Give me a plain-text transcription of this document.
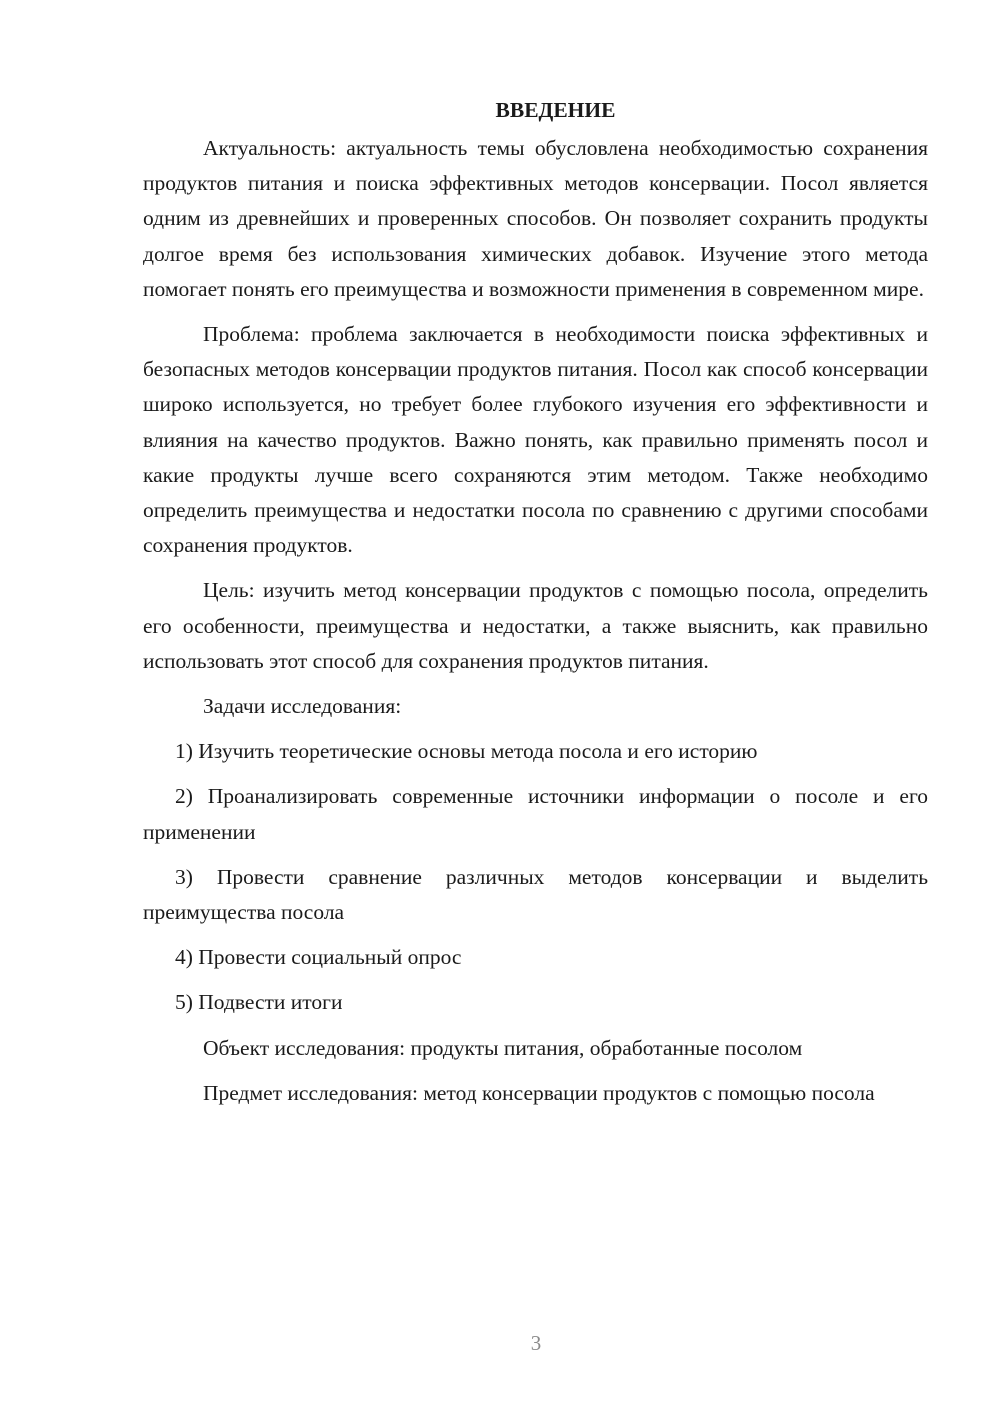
ВВЕДЕНИЕ

Актуальность: актуальность темы обусловлена необходимостью сохранения продуктов питания и поиска эффективных методов консервации. Посол является одним из древнейших и проверенных способов. Он позволяет сохранить продукты долгое время без использования химических добавок. Изучение этого метода помогает понять его преимущества и возможности применения в современном мире.

Проблема: проблема заключается в необходимости поиска эффективных и безопасных методов консервации продуктов питания. Посол как способ консервации широко используется, но требует более глубокого изучения его эффективности и влияния на качество продуктов. Важно понять, как правильно применять посол и какие продукты лучше всего сохраняются этим методом. Также необходимо определить преимущества и недостатки посола по сравнению с другими способами сохранения продуктов.

Цель: изучить метод консервации продуктов с помощью посола, определить его особенности, преимущества и недостатки, а также выяснить, как правильно использовать этот способ для сохранения продуктов питания.

Задачи исследования:

1) Изучить теоретические основы метода посола и его историю

2) Проанализировать современные источники информации о посоле и его применении

3) Провести сравнение различных методов консервации и выделить преимущества посола

4) Провести социальный опрос

5) Подвести итоги

Объект исследования: продукты питания, обработанные посолом

Предмет исследования: метод консервации продуктов с помощью посола

3
